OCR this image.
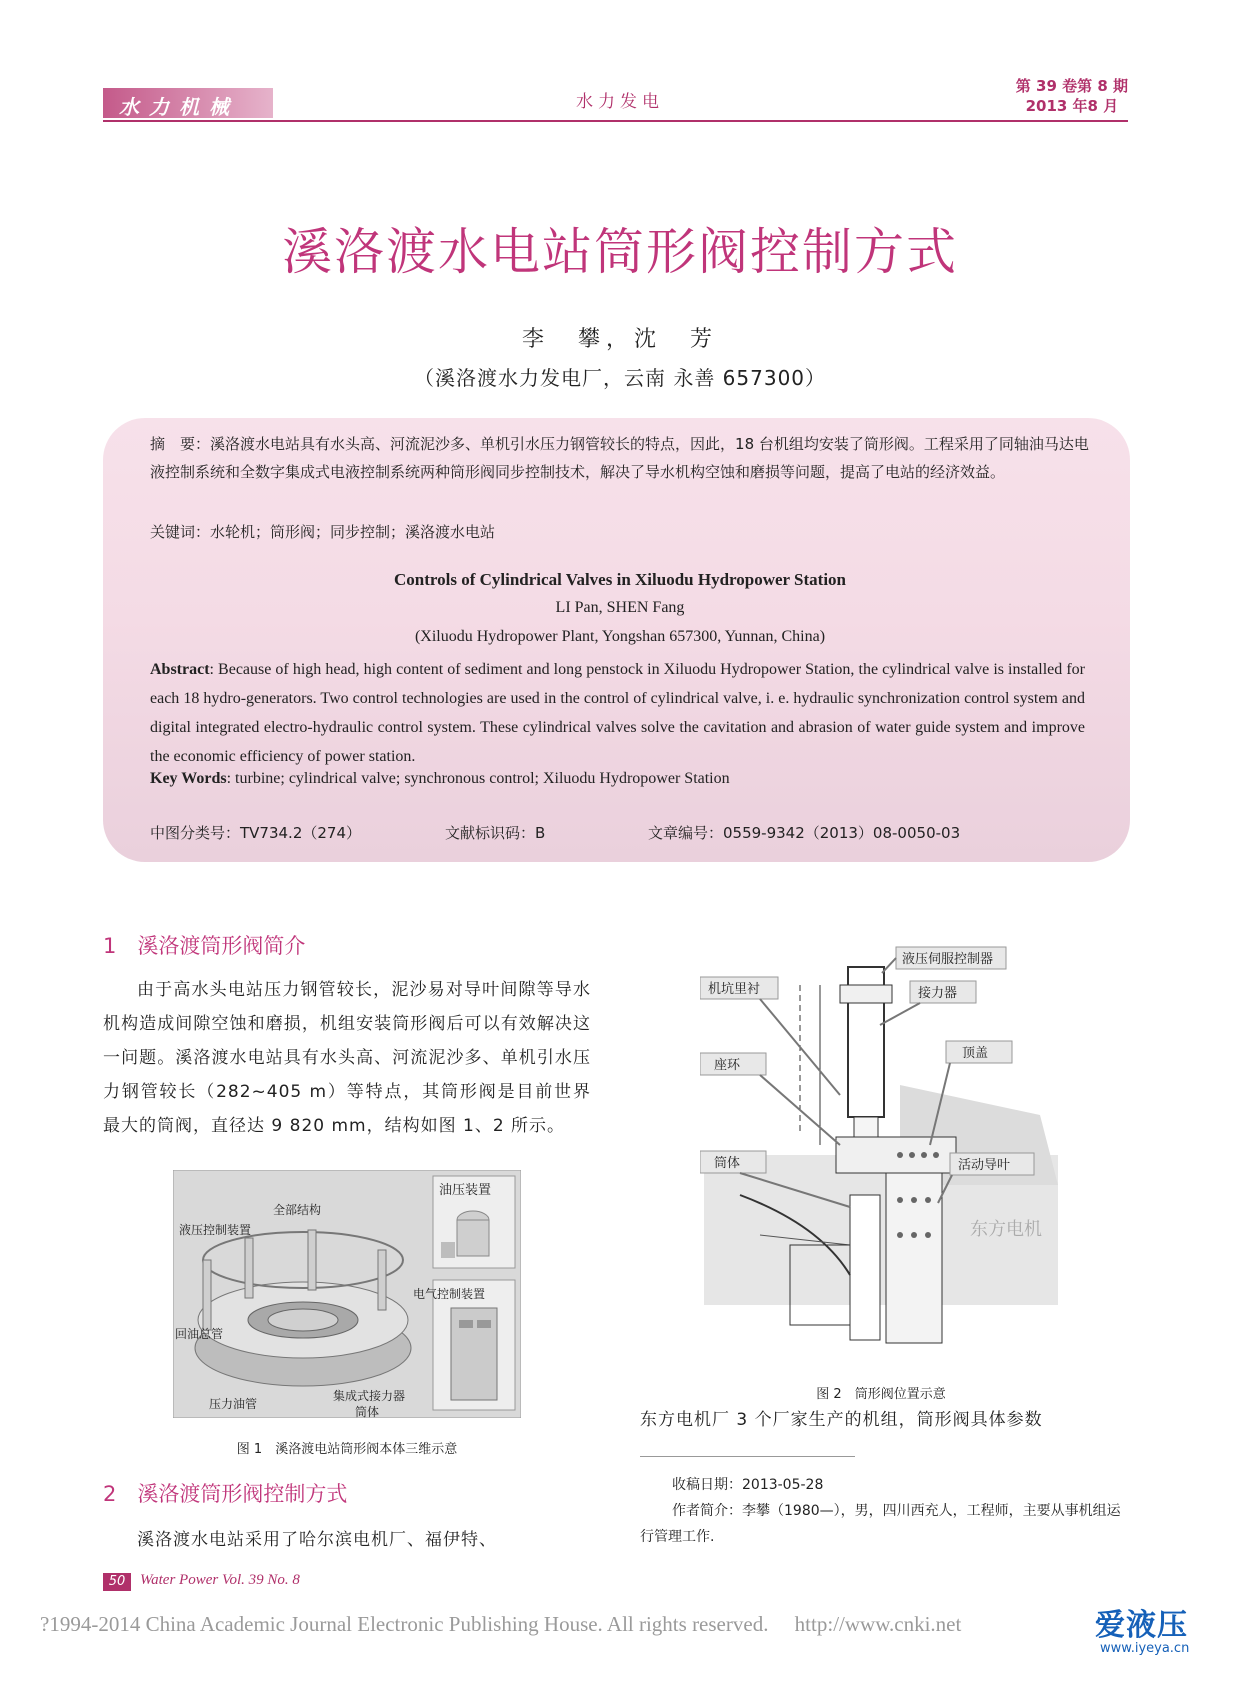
水力机械	水力发电
第 39 卷第 8 期
2013 年8 月
溪洛渡水电站筒形阀控制方式
李　攀，沈　芳
（溪洛渡水力发电厂，云南 永善 657300）
摘　要：溪洛渡水电站具有水头高、河流泥沙多、单机引水压力钢管较长的特点，因此，18 台机组均安装了筒形阀。工程采用了同轴油马达电液控制系统和全数字集成式电液控制系统两种筒形阀同步控制技术，解决了导水机构空蚀和磨损等问题，提高了电站的经济效益。
关键词：水轮机；筒形阀；同步控制；溪洛渡水电站
Controls of Cylindrical Valves in Xiluodu Hydropower Station
LI Pan, SHEN Fang
(Xiluodu Hydropower Plant, Yongshan 657300, Yunnan, China)
Abstract: Because of high head, high content of sediment and long penstock in Xiluodu Hydropower Station, the cylindrical valve is installed for each 18 hydro-generators. Two control technologies are used in the control of cylindrical valve, i. e. hydraulic synchronization control system and digital integrated electro-hydraulic control system. These cylindrical valves solve the cavitation and abrasion of water guide system and improve the economic efficiency of power station.
Key Words: turbine; cylindrical valve; synchronous control; Xiluodu Hydropower Station
中图分类号：TV734.2（274）	文献标识码：B	文章编号：0559-9342（2013）08-0050-03
1　溪洛渡筒形阀简介
由于高水头电站压力钢管较长，泥沙易对导叶间隙等导水机构造成间隙空蚀和磨损，机组安装筒形阀后可以有效解决这一问题。溪洛渡水电站具有水头高、河流泥沙多、单机引水压力钢管较长（282~405 m）等特点，其筒形阀是目前世界最大的筒阀，直径达 9 820 mm，结构如图 1、2 所示。
全部结构
液压控制装置
油压装置
电气控制装置
回油总管
压力油管
集成式接力器
筒体
图 1　溪洛渡电站筒形阀本体三维示意
2　溪洛渡筒形阀控制方式
溪洛渡水电站采用了哈尔滨电机厂、福伊特、
液压伺服控制器
机坑里衬	接力器
座环
顶盖
筒体	活动导叶
东方电机
图 2　筒形阀位置示意
东方电机厂 3 个厂家生产的机组，筒形阀具体参数
收稿日期：2013-05-28
作者简介：李攀（1980—），男，四川西充人，工程师，主要从事机组运行管理工作.
50 Water Power Vol. 39 No. 8
?1994-2014 China Academic Journal Electronic Publishing House. All rights reserved.　 http://www.cnki.net	爱液压
www.iyeya.cn
